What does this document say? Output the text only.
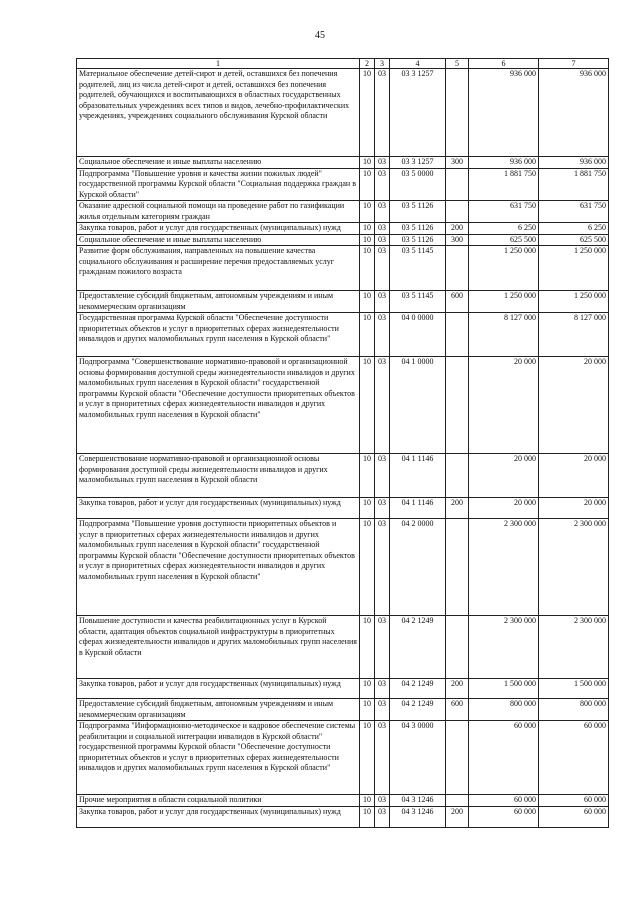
45
1	2	3	4	5	6	7
Материальное обеспечение детей-сирот и детей, оставшихся без попечения родителей, лиц из числа детей-сирот и детей, оставшихся без попечения родителей, обучающихся и воспитывающихся в областных государственных образовательных учреждениях всех типов и видов, лечебно-профилактических учреждениях, учреждениях социального обслуживания Курской области	10	03	03 3 1257		936 000	936 000
Социальное обеспечение и иные выплаты населению	10	03	03 3 1257	300	936 000	936 000
Подпрограмма "Повышение уровня и качества жизни пожилых людей" государственной программы Курской области "Социальная поддержка граждан в Курской области"	10	03	03 5 0000		1 881 750	1 881 750
Оказание адресной социальной помощи на проведение работ по газификации жилья отдельным категориям граждан	10	03	03 5 1126		631 750	631 750
Закупка товаров, работ и услуг для государственных (муниципальных) нужд	10	03	03 5 1126	200	6 250	6 250
Социальное обеспечение и иные выплаты населению	10	03	03 5 1126	300	625 500	625 500
Развитие форм обслуживания, направленных на повышение качества социального обслуживания и расширение перечня предоставляемых услуг гражданам пожилого возраста	10	03	03 5 1145		1 250 000	1 250 000
Предоставление субсидий бюджетным, автономным учреждениям и иным некоммерческим организациям	10	03	03 5 1145	600	1 250 000	1 250 000
Государственная программа Курской области "Обеспечение доступности приоритетных объектов и услуг в приоритетных сферах жизнедеятельности инвалидов и других маломобильных групп населения в Курской области"	10	03	04 0 0000		8 127 000	8 127 000
Подпрограмма "Совершенствование нормативно-правовой и организационной основы формирования доступной среды жизнедеятельности инвалидов и других маломобильных групп населения в Курской области" государственной программы Курской области "Обеспечение доступности приоритетных объектов и услуг в приоритетных сферах жизнедеятельности инвалидов и других маломобильных групп населения в Курской области"	10	03	04 1 0000		20 000	20 000
Совершенствование нормативно-правовой и организационной основы формирования доступной среды жизнедеятельности инвалидов и других маломобильных групп населения в Курской области	10	03	04 1 1146		20 000	20 000
Закупка товаров, работ и услуг для государственных (муниципальных) нужд	10	03	04 1 1146	200	20 000	20 000
Подпрограмма "Повышение уровня доступности приоритетных объектов и услуг в приоритетных сферах жизнедеятельности инвалидов и других маломобильных групп населения в Курской области" государственной программы Курской области "Обеспечение доступности приоритетных объектов и услуг в приоритетных сферах жизнедеятельности инвалидов и других маломобильных групп населения в Курской области"	10	03	04 2 0000		2 300 000	2 300 000
Повышение доступности и качества реабилитационных услуг в Курской области, адаптация объектов социальной инфраструктуры в приоритетных сферах жизнедеятельности инвалидов и других маломобильных групп населения в Курской области	10	03	04 2 1249		2 300 000	2 300 000
Закупка товаров, работ и услуг для государственных (муниципальных) нужд	10	03	04 2 1249	200	1 500 000	1 500 000
Предоставление субсидий бюджетным, автономным учреждениям и иным некоммерческим организациям	10	03	04 2 1249	600	800 000	800 000
Подпрограмма "Информационно-методическое и кадровое обеспечение системы реабилитации и социальной интеграции инвалидов в Курской области" государственной программы Курской области "Обеспечение доступности приоритетных объектов и услуг в приоритетных сферах жизнедеятельности инвалидов и других маломобильных групп населения в Курской области"	10	03	04 3 0000		60 000	60 000
Прочие мероприятия в области социальной политики	10	03	04 3 1246		60 000	60 000
Закупка товаров, работ и услуг для государственных (муниципальных) нужд	10	03	04 3 1246	200	60 000	60 000
